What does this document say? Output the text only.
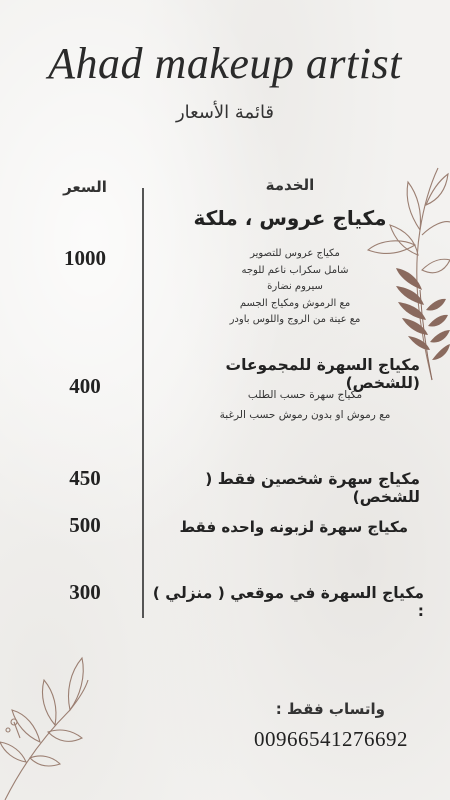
Ahad makeup artist
قائمة الأسعار
الخدمة
السعر
مكياج عروس ، ملكة
1000	مكياج عروس للتصوير
شامل سكراب ناعم للوجه
سيروم نضارة
مع الرموش ومكياج الجسم
مع عينة من الروج واللوس باودر
مكياج السهرة للمجموعات (للشخص)
400	مكياج سهرة حسب الطلب
مع رموش او بدون رموش حسب الرغبة
مكياج سهرة شخصين فقط ( للشخص)
450
مكياج سهرة لزبونه واحده فقط
500
مكياج السهرة في موقعي ( منزلي ) :
300
واتساب فقط :
00966541276692
